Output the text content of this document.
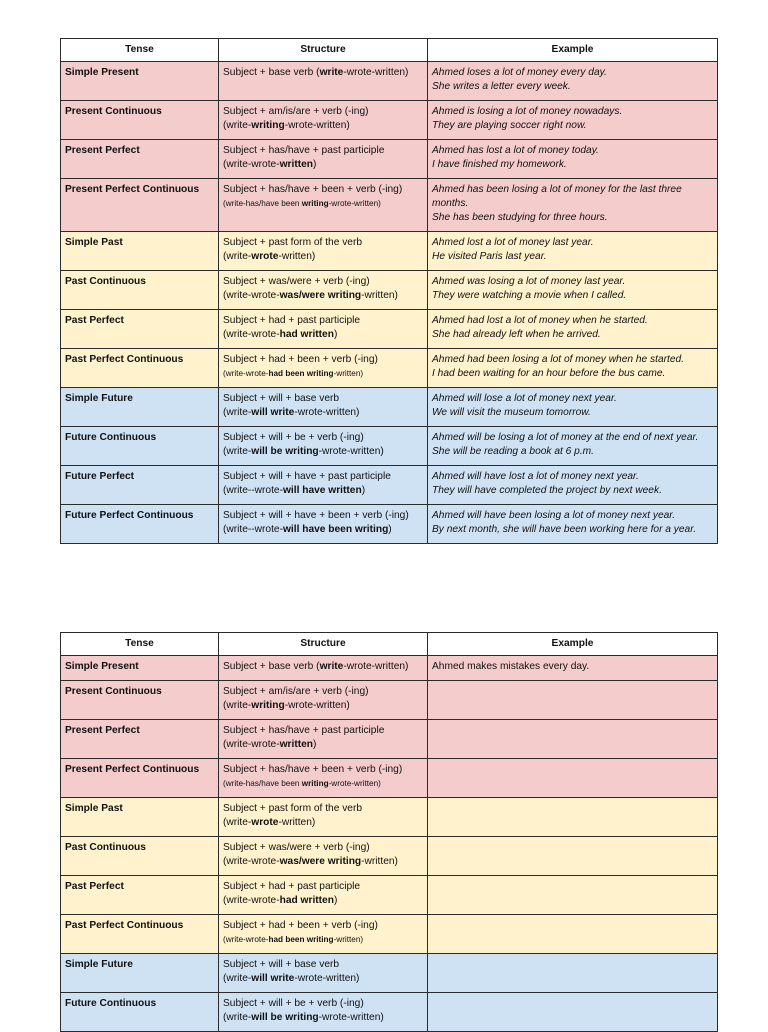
Tense	Structure	Example
Simple Present	Subject + base verb (write-wrote-written)	Ahmed loses a lot of money every day.
She writes a letter every week.

Present Continuous	Subject + am/is/are + verb (-ing)
(write-writing-wrote-written)	Ahmed is losing a lot of money nowadays.
They are playing soccer right now.

Present Perfect	Subject + has/have + past participle
(write-wrote-written)	Ahmed has lost a lot of money today.
I have finished my homework.

Present Perfect Continuous	Subject + has/have + been + verb (-ing)
(write-has/have been writing-wrote-written)	Ahmed has been losing a lot of money for the last three
months.
She has been studying for three hours.

Simple Past	Subject + past form of the verb
(write-wrote-written)	Ahmed lost a lot of money last year.
He visited Paris last year.

Past Continuous	Subject + was/were + verb (-ing)
(write-wrote-was/were writing-written)	Ahmed was losing a lot of money last year.
They were watching a movie when I called.

Past Perfect	Subject + had + past participle
(write-wrote-had written)	Ahmed had lost a lot of money when he started.
She had already left when he arrived.

Past Perfect Continuous	Subject + had + been + verb (-ing)
(write-wrote-had been writing-written)	Ahmed had been losing a lot of money when he started.
I had been waiting for an hour before the bus came.

Simple Future	Subject + will + base verb
(write-will write-wrote-written)	Ahmed will lose a lot of money next year.
We will visit the museum tomorrow.

Future Continuous	Subject + will + be + verb (-ing)
(write-will be writing-wrote-written)	Ahmed will be losing a lot of money at the end of next year.
She will be reading a book at 6 p.m.

Future Perfect	Subject + will + have + past participle
(write--wrote-will have written)	Ahmed will have lost a lot of money next year.
They will have completed the project by next week.

Future Perfect Continuous	Subject + will + have + been + verb (-ing)
(write--wrote-will have been writing)	Ahmed will have been losing a lot of money next year.
By next month, she will have been working here for a year.
Tense	Structure	Example
Simple Present	Subject + base verb (write-wrote-written)	Ahmed makes mistakes every day.

Present Continuous	Subject + am/is/are + verb (-ing)
(write-writing-wrote-written)	

Present Perfect	Subject + has/have + past participle
(write-wrote-written)	

Present Perfect Continuous	Subject + has/have + been + verb (-ing)
(write-has/have been writing-wrote-written)	

Simple Past	Subject + past form of the verb
(write-wrote-written)	

Past Continuous	Subject + was/were + verb (-ing)
(write-wrote-was/were writing-written)	

Past Perfect	Subject + had + past participle
(write-wrote-had written)	

Past Perfect Continuous	Subject + had + been + verb (-ing)
(write-wrote-had been writing-written)	

Simple Future	Subject + will + base verb
(write-will write-wrote-written)	

Future Continuous	Subject + will + be + verb (-ing)
(write-will be writing-wrote-written)	
